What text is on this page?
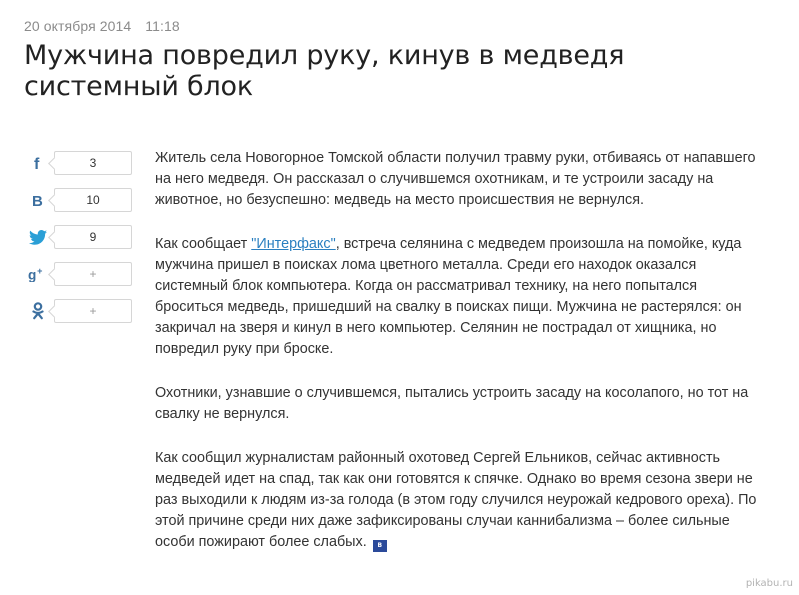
20 октября 2014 11:18
Мужчина повредил руку, кинув в медведя системный блок
f	3
В	10
9
g +	+
+

Житель села Новогорное Томской области получил травму руки, отбиваясь от напавшего на него медведя. Он рассказал о случившемся охотникам, и те устроили засаду на животное, но безуспешно: медведь на место происшествия не вернулся.

Как сообщает "Интерфакс", встреча селянина с медведем произошла на помойке, куда мужчина пришел в поисках лома цветного металла. Среди его находок оказался системный блок компьютера. Когда он рассматривал технику, на него попытался броситься медведь, пришедший на свалку в поисках пищи. Мужчина не растерялся: он закричал на зверя и кинул в него компьютер. Селянин не пострадал от хищника, но повредил руку при броске.

Охотники, узнавшие о случившемся, пытались устроить засаду на косолапого, но тот на свалку не вернулся.

Как сообщил журналистам районный охотовед Сергей Ельников, сейчас активность медведей идет на спад, так как они готовятся к спячке. Однако во время сезона звери не раз выходили к людям из-за голода (в этом году случился неурожай кедрового ореха). По этой причине среди них даже зафиксированы случаи каннибализма – более сильные особи пожирают более слабых. В

pikabu.ru
